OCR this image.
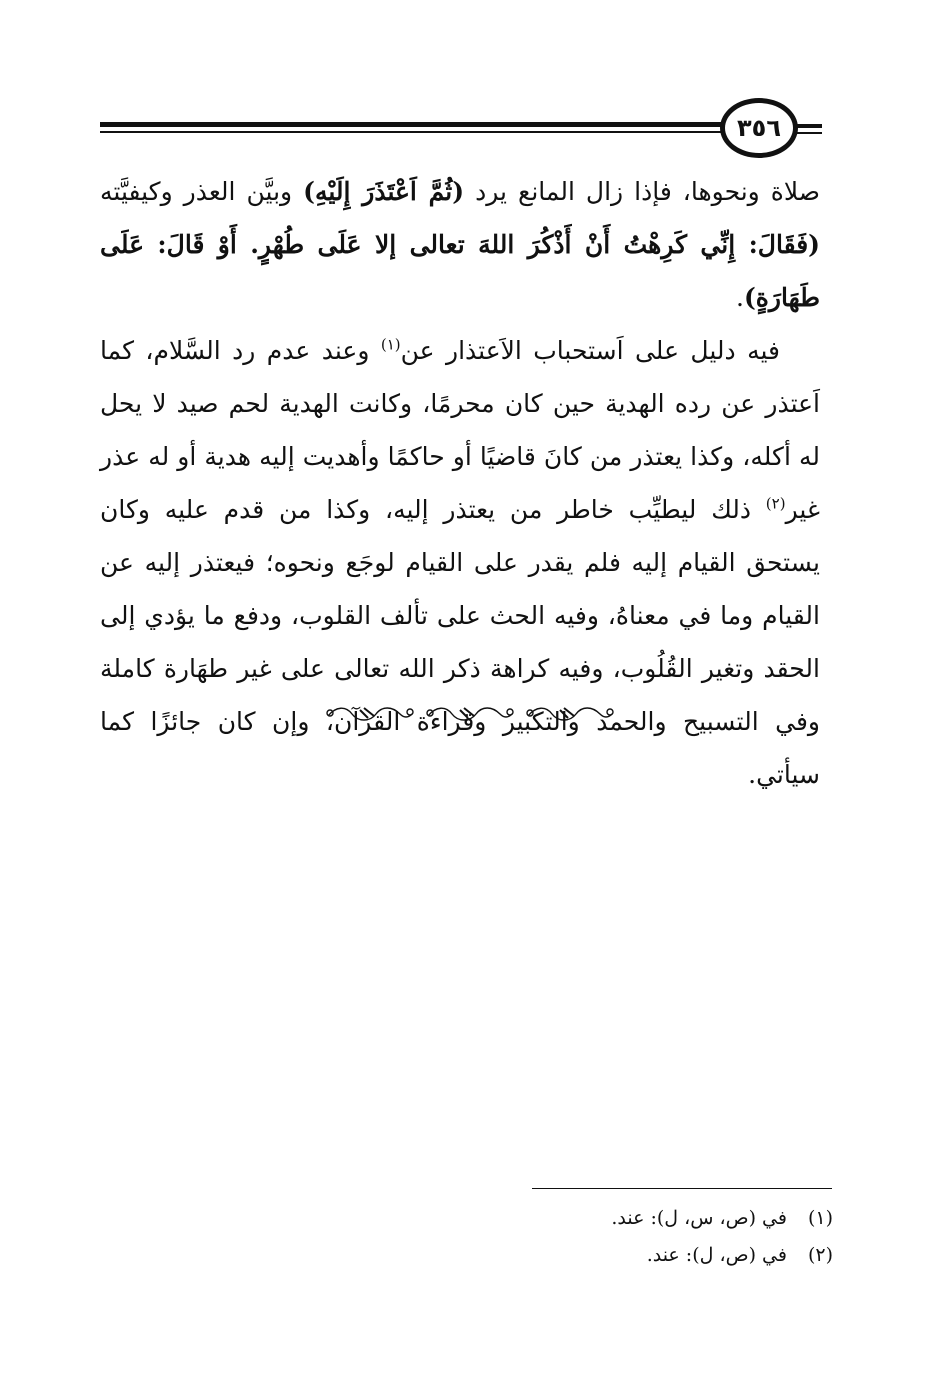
٣٥٦

صلاة ونحوها، فإذا زال المانع يرد (ثُمَّ اَعْتَذَرَ إِلَيْهِ) وبيَّن العذر وكيفيَّته (فَقَالَ: إِنِّي كَرِهْتُ أَنْ أَذْكُرَ اللهَ تعالى إلا عَلَى طُهْرٍ. أَوْ قَالَ: عَلَى طَهَارَةٍ).

فيه دليل على اَستحباب الاَعتذار عن$^{(١)}$ وعند عدم رد السَّلام، كما اَعتذر عن رده الهدية حين كان محرمًا، وكانت الهدية لحم صيد لا يحل له أكله، وكذا يعتذر من كانَ قاضيًا أو حاكمًا وأهديت إليه هدية أو له عذر غير$^{(٢)}$ ذلك ليطيِّب خاطر من يعتذر إليه، وكذا من قدم عليه وكان يستحق القيام إليه فلم يقدر على القيام لوجَع ونحوه؛ فيعتذر إليه عن القيام وما في معناهُ، وفيه الحث على تألف القلوب، ودفع ما يؤدي إلى الحقد وتغير القُلُوب، وفيه كراهة ذكر الله تعالى على غير طهَارة كاملة وفي التسبيح والحمد والتكبير وقراءة القرآن، وإن كان جائزًا كما سيأتي.

(١) في (ص، س، ل): عند.
(٢) في (ص، ل): عند.
